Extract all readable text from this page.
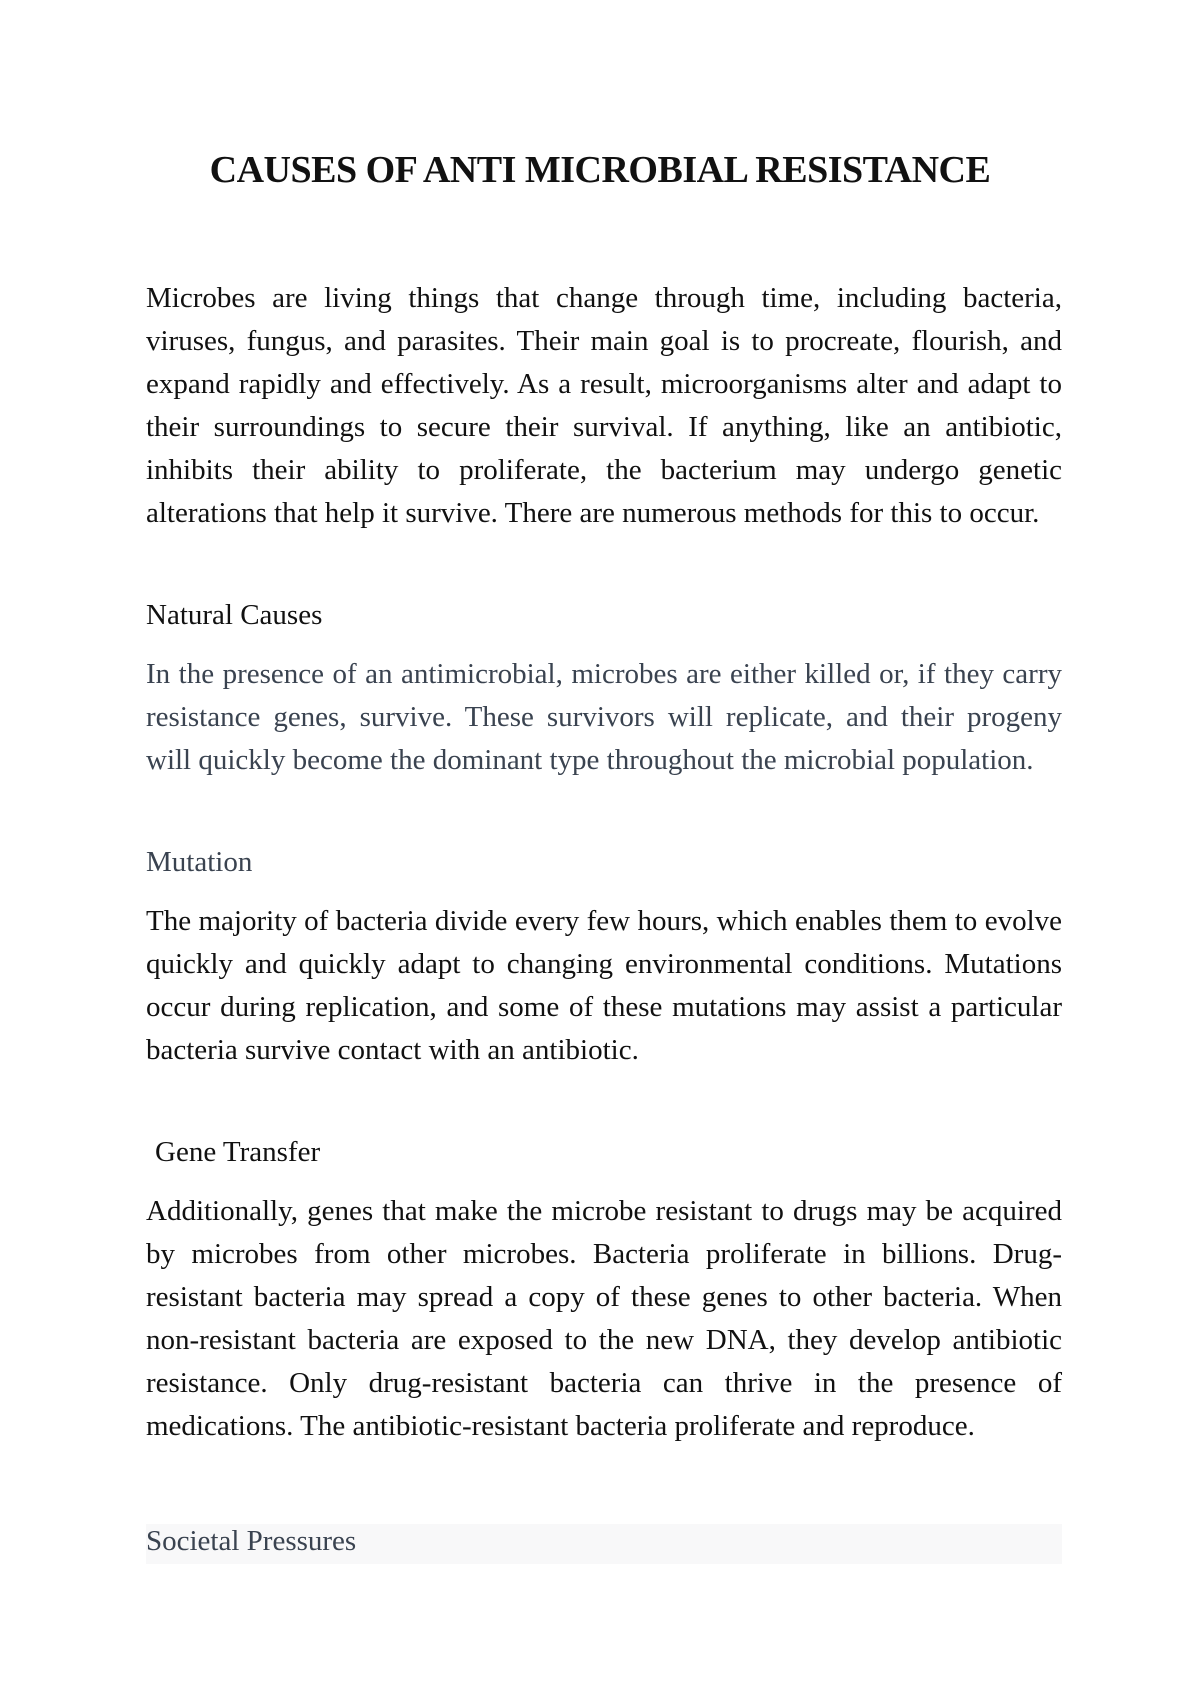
CAUSES OF ANTI MICROBIAL RESISTANCE

Microbes are living things that change through time, including bacteria, viruses, fungus, and parasites. Their main goal is to procreate, flourish, and expand rapidly and effectively. As a result, microorganisms alter and adapt to their surroundings to secure their survival. If anything, like an antibiotic, inhibits their ability to proliferate, the bacterium may undergo genetic alterations that help it survive. There are numerous methods for this to occur.

Natural Causes

In the presence of an antimicrobial, microbes are either killed or, if they carry resistance genes, survive. These survivors will replicate, and their progeny will quickly become the dominant type throughout the microbial population.

Mutation

The majority of bacteria divide every few hours, which enables them to evolve quickly and quickly adapt to changing environmental conditions. Mutations occur during replication, and some of these mutations may assist a particular bacteria survive contact with an antibiotic.

Gene Transfer

Additionally, genes that make the microbe resistant to drugs may be acquired by microbes from other microbes. Bacteria proliferate in billions. Drug-resistant bacteria may spread a copy of these genes to other bacteria. When non-resistant bacteria are exposed to the new DNA, they develop antibiotic resistance. Only drug-resistant bacteria can thrive in the presence of medications. The antibiotic-resistant bacteria proliferate and reproduce.

Societal Pressures
